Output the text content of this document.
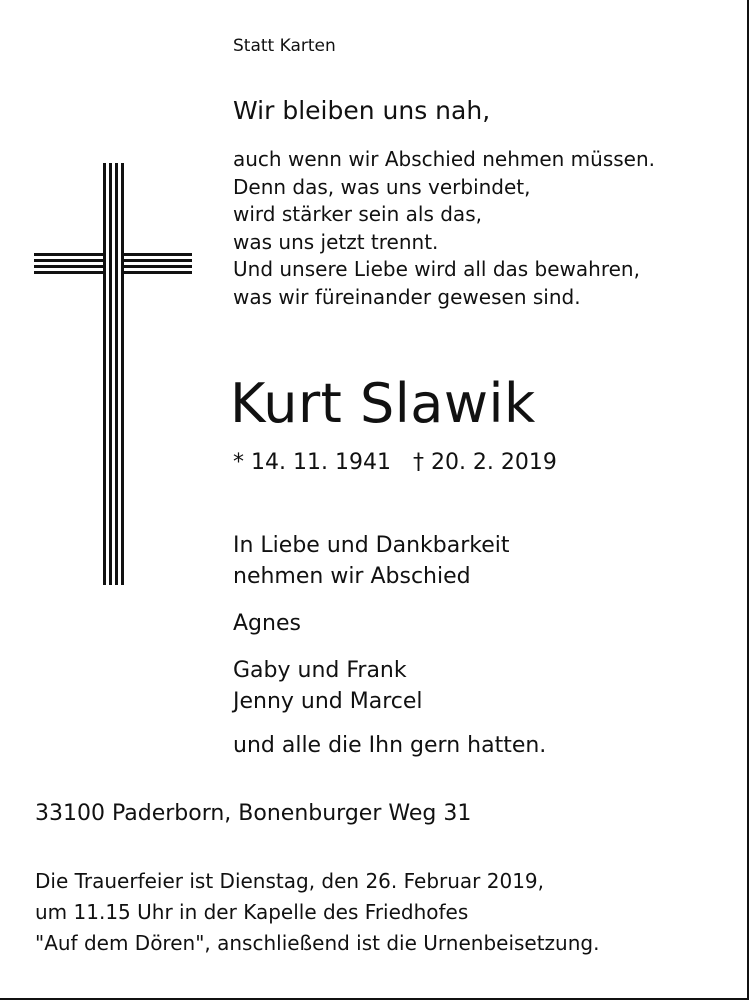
Statt Karten
Wir bleiben uns nah,
auch wenn wir Abschied nehmen müssen.
Denn das, was uns verbindet,
wird stärker sein als das,
was uns jetzt trennt.
Und unsere Liebe wird all das bewahren,
was wir füreinander gewesen sind.
Kurt Slawik
* 14. 11. 1941 † 20. 2. 2019
In Liebe und Dankbarkeit
nehmen wir Abschied
Agnes
Gaby und Frank
Jenny und Marcel
und alle die Ihn gern hatten.
33100 Paderborn, Bonenburger Weg 31
Die Trauerfeier ist Dienstag, den 26. Februar 2019,
um 11.15 Uhr in der Kapelle des Friedhofes
"Auf dem Dören", anschließend ist die Urnenbeisetzung.
